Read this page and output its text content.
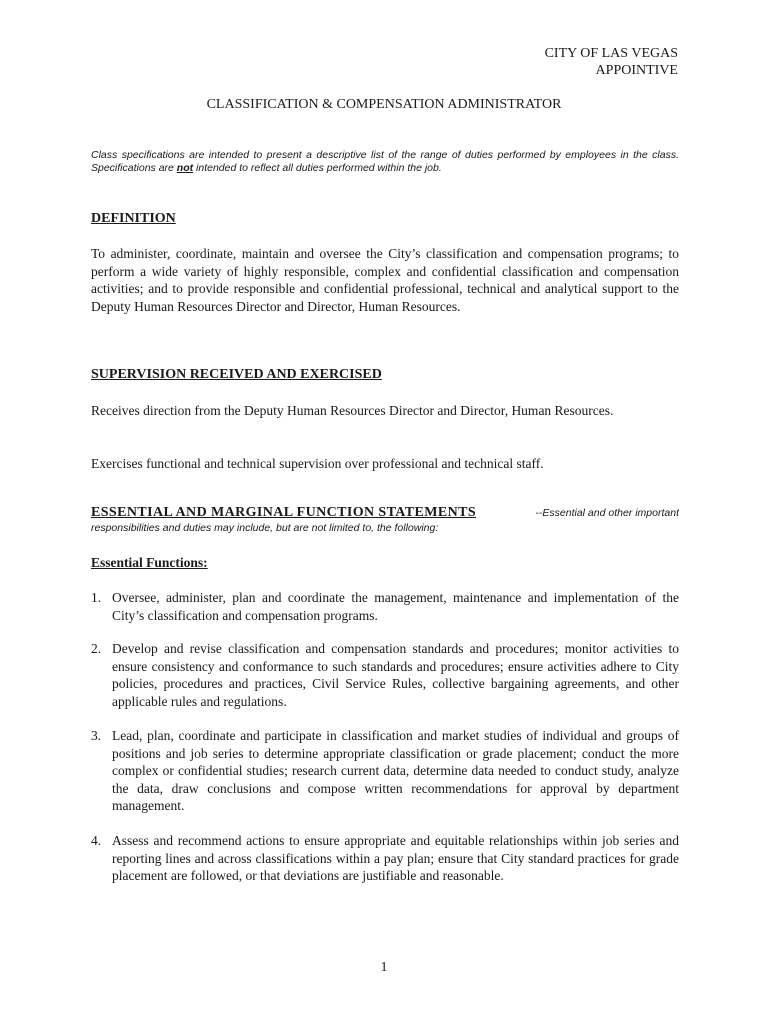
CITY OF LAS VEGAS
APPOINTIVE
CLASSIFICATION & COMPENSATION ADMINISTRATOR
Class specifications are intended to present a descriptive list of the range of duties performed by employees in the class. Specifications are not intended to reflect all duties performed within the job.
DEFINITION
To administer, coordinate, maintain and oversee the City’s classification and compensation programs; to perform a wide variety of highly responsible, complex and confidential classification and compensation activities; and to provide responsible and confidential professional, technical and analytical support to the Deputy Human Resources Director and Director, Human Resources.
SUPERVISION RECEIVED AND EXERCISED
Receives direction from the Deputy Human Resources Director and Director, Human Resources.
Exercises functional and technical supervision over professional and technical staff.
ESSENTIAL AND MARGINAL FUNCTION STATEMENTS	--Essential and other important
responsibilities and duties may include, but are not limited to, the following:
Essential Functions:
1. Oversee, administer, plan and coordinate the management, maintenance and implementation of the City’s classification and compensation programs.
2. Develop and revise classification and compensation standards and procedures; monitor activities to ensure consistency and conformance to such standards and procedures; ensure activities adhere to City policies, procedures and practices, Civil Service Rules, collective bargaining agreements, and other applicable rules and regulations.
3. Lead, plan, coordinate and participate in classification and market studies of individual and groups of positions and job series to determine appropriate classification or grade placement; conduct the more complex or confidential studies; research current data, determine data needed to conduct study, analyze the data, draw conclusions and compose written recommendations for approval by department management.
4. Assess and recommend actions to ensure appropriate and equitable relationships within job series and reporting lines and across classifications within a pay plan; ensure that City standard practices for grade placement are followed, or that deviations are justifiable and reasonable.
1
